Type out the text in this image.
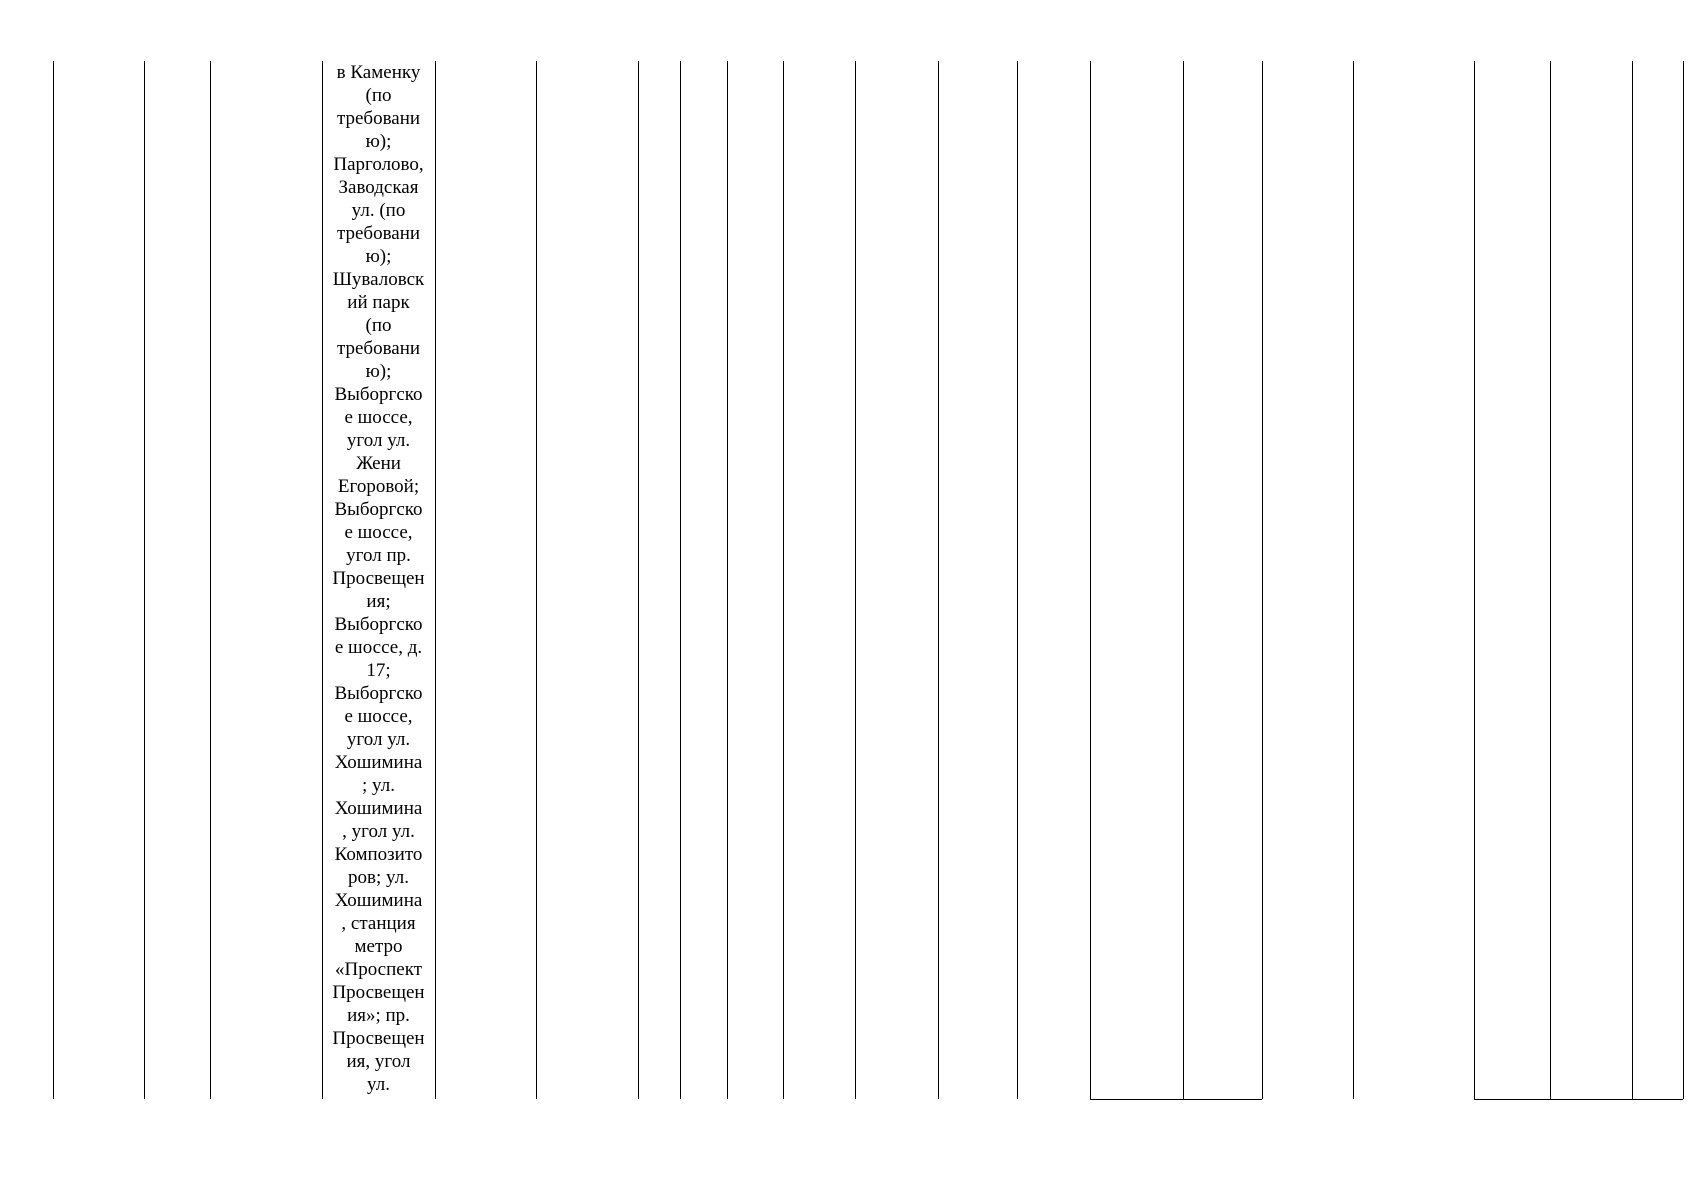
в Каменку
(по
требовани
ю);
Парголово,
Заводская
ул. (по
требовани
ю);
Шуваловск
ий парк
(по
требовани
ю);
Выборгско
е шоссе,
угол ул.
Жени
Егоровой;
Выборгско
е шоссе,
угол пр.
Просвещен
ия;
Выборгско
е шоссе, д.
17;
Выборгско
е шоссе,
угол ул.
Хошимина
; ул.
Хошимина
, угол ул.
Композито
ров; ул.
Хошимина
, станция
метро
«Проспект
Просвещен
ия»; пр.
Просвещен
ия, угол
ул.
